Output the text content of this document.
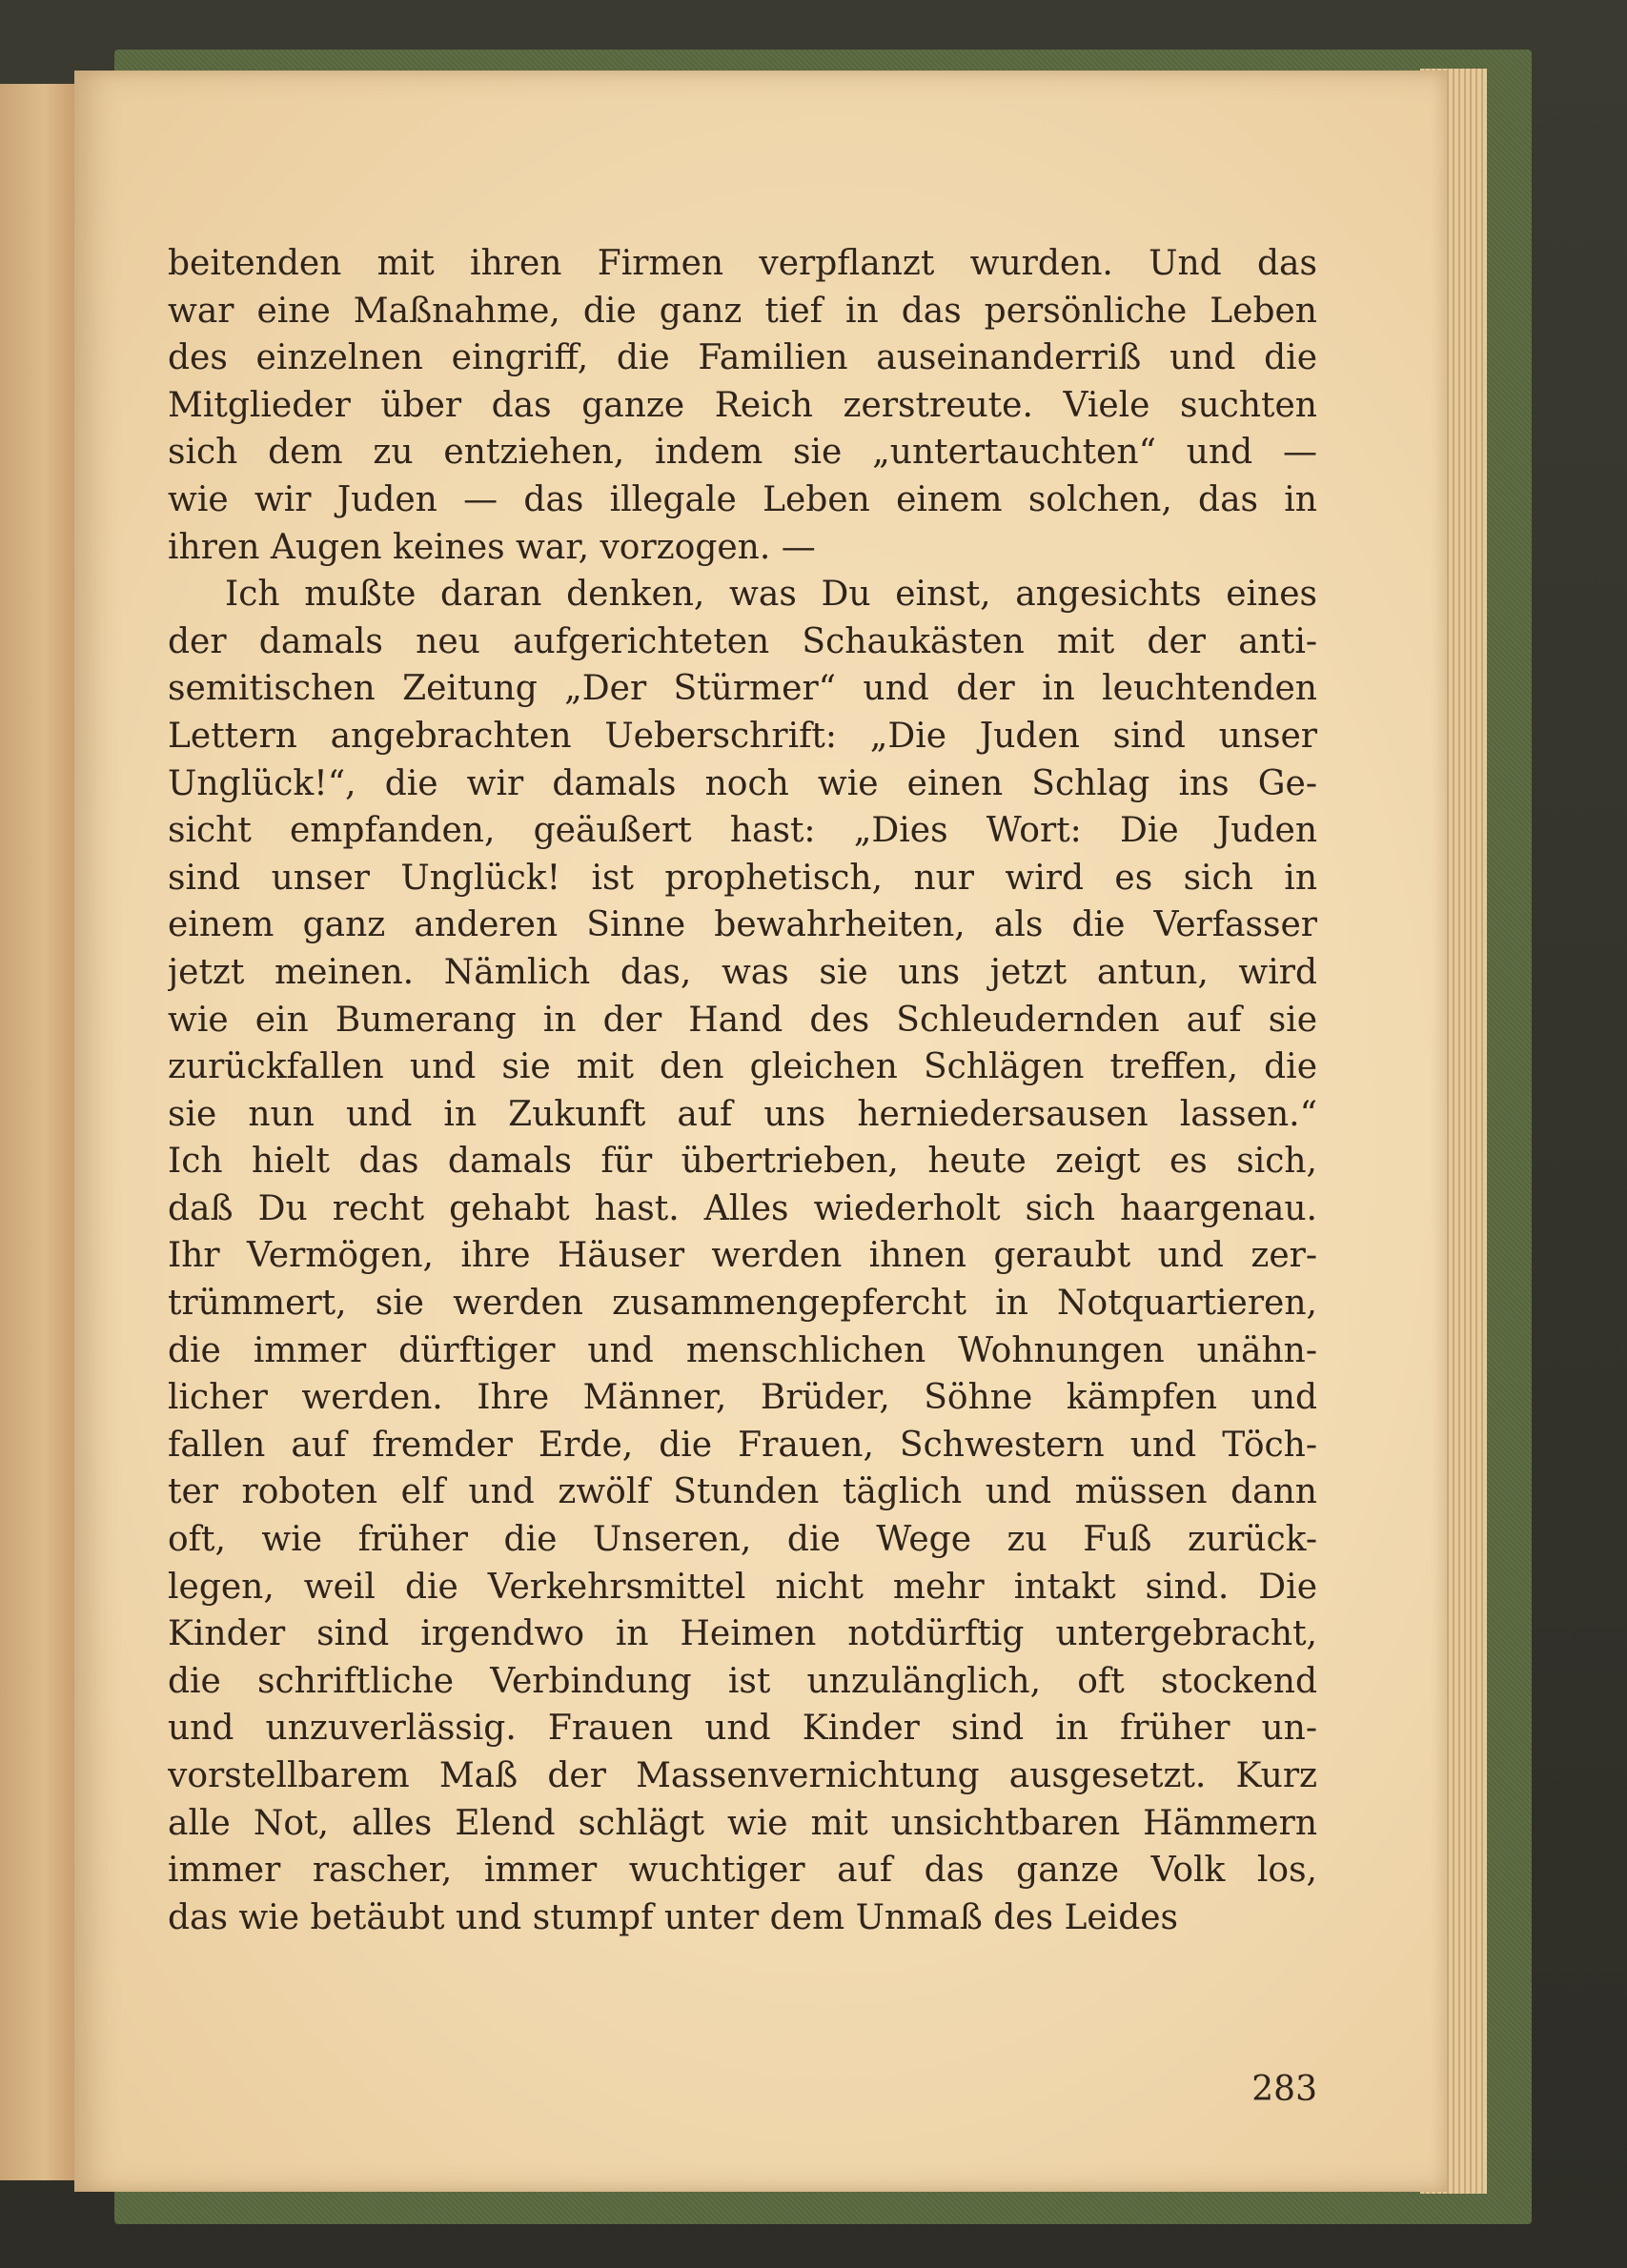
beitenden mit ihren Firmen verpflanzt wurden. Und das
war eine Maßnahme, die ganz tief in das persönliche Leben
des einzelnen eingriff, die Familien auseinanderriß und die
Mitglieder über das ganze Reich zerstreute. Viele suchten
sich dem zu entziehen, indem sie „untertauchten“ und —
wie wir Juden — das illegale Leben einem solchen, das in
ihren Augen keines war, vorzogen. —
Ich mußte daran denken, was Du einst, angesichts eines
der damals neu aufgerichteten Schaukästen mit der anti-
semitischen Zeitung „Der Stürmer“ und der in leuchtenden
Lettern angebrachten Ueberschrift: „Die Juden sind unser
Unglück!“, die wir damals noch wie einen Schlag ins Ge-
sicht empfanden, geäußert hast: „Dies Wort: Die Juden
sind unser Unglück! ist prophetisch, nur wird es sich in
einem ganz anderen Sinne bewahrheiten, als die Verfasser
jetzt meinen. Nämlich das, was sie uns jetzt antun, wird
wie ein Bumerang in der Hand des Schleudernden auf sie
zurückfallen und sie mit den gleichen Schlägen treffen, die
sie nun und in Zukunft auf uns herniedersausen lassen.“
Ich hielt das damals für übertrieben, heute zeigt es sich,
daß Du recht gehabt hast. Alles wiederholt sich haargenau.
Ihr Vermögen, ihre Häuser werden ihnen geraubt und zer-
trümmert, sie werden zusammengepfercht in Notquartieren,
die immer dürftiger und menschlichen Wohnungen unähn-
licher werden. Ihre Männer, Brüder, Söhne kämpfen und
fallen auf fremder Erde, die Frauen, Schwestern und Töch-
ter roboten elf und zwölf Stunden täglich und müssen dann
oft, wie früher die Unseren, die Wege zu Fuß zurück-
legen, weil die Verkehrsmittel nicht mehr intakt sind. Die
Kinder sind irgendwo in Heimen notdürftig untergebracht,
die schriftliche Verbindung ist unzulänglich, oft stockend
und unzuverlässig. Frauen und Kinder sind in früher un-
vorstellbarem Maß der Massenvernichtung ausgesetzt. Kurz
alle Not, alles Elend schlägt wie mit unsichtbaren Hämmern
immer rascher, immer wuchtiger auf das ganze Volk los,
das wie betäubt und stumpf unter dem Unmaß des Leides
283
